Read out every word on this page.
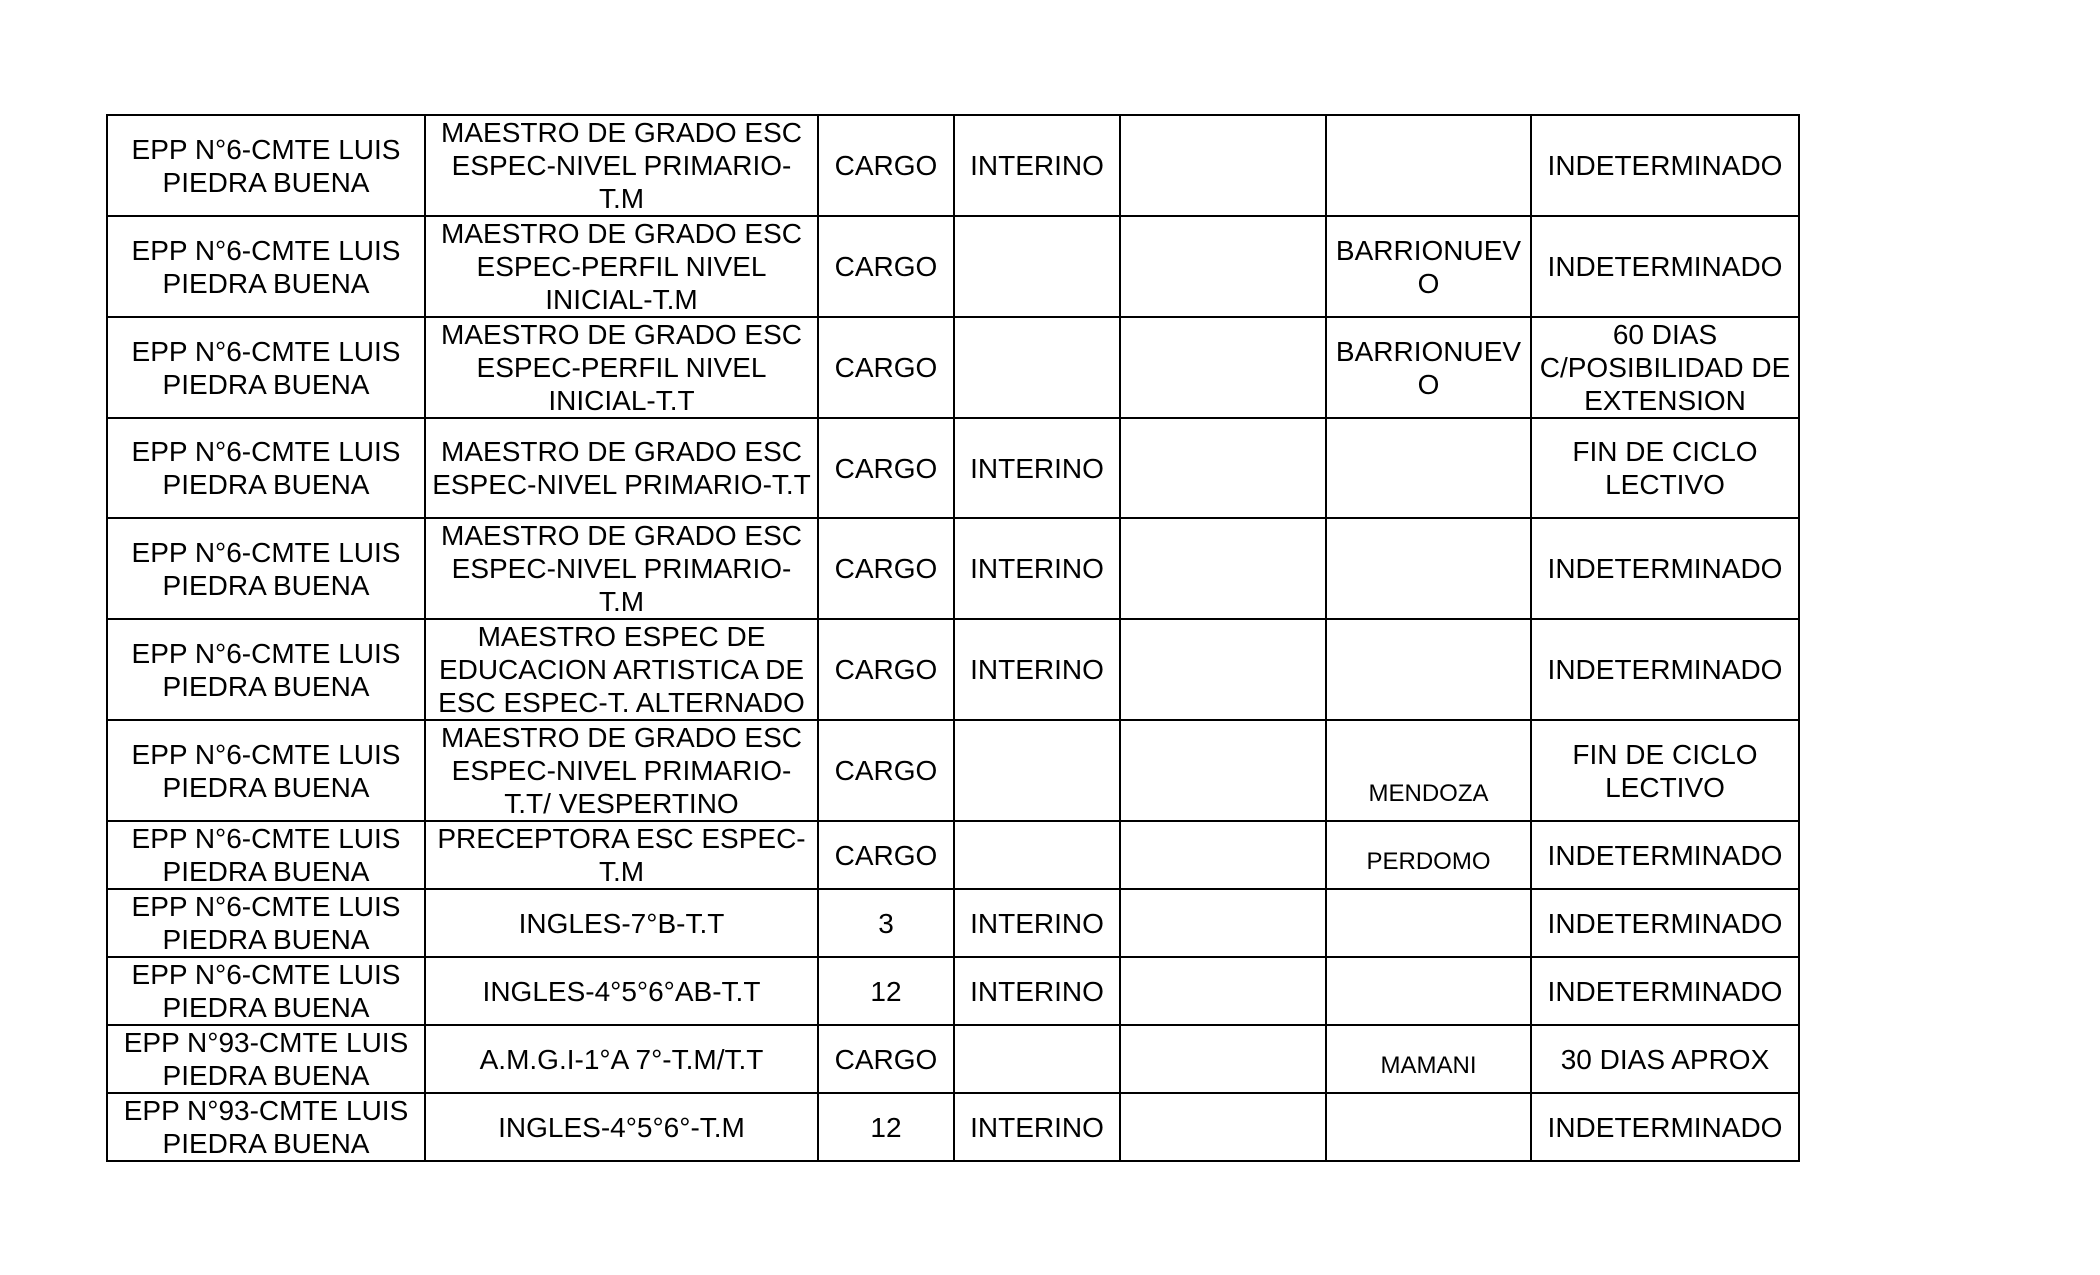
EPP N°6-CMTE LUIS PIEDRA BUENA	MAESTRO DE GRADO ESC ESPEC-NIVEL PRIMARIO-T.M	CARGO	INTERINO			INDETERMINADO
EPP N°6-CMTE LUIS PIEDRA BUENA	MAESTRO DE GRADO ESC ESPEC-PERFIL NIVEL INICIAL-T.M	CARGO			BARRIONUEV O	INDETERMINADO
EPP N°6-CMTE LUIS PIEDRA BUENA	MAESTRO DE GRADO ESC ESPEC-PERFIL NIVEL INICIAL-T.T	CARGO			BARRIONUEV O	60 DIAS C/POSIBILIDAD DE EXTENSION
EPP N°6-CMTE LUIS PIEDRA BUENA	MAESTRO DE GRADO ESC ESPEC-NIVEL PRIMARIO-T.T	CARGO	INTERINO			FIN DE CICLO LECTIVO
EPP N°6-CMTE LUIS PIEDRA BUENA	MAESTRO DE GRADO ESC ESPEC-NIVEL PRIMARIO-T.M	CARGO	INTERINO			INDETERMINADO
EPP N°6-CMTE LUIS PIEDRA BUENA	MAESTRO ESPEC DE EDUCACION ARTISTICA DE ESC ESPEC-T. ALTERNADO	CARGO	INTERINO			INDETERMINADO
EPP N°6-CMTE LUIS PIEDRA BUENA	MAESTRO DE GRADO ESC ESPEC-NIVEL PRIMARIO-T.T/ VESPERTINO	CARGO			MENDOZA	FIN DE CICLO LECTIVO
EPP N°6-CMTE LUIS PIEDRA BUENA	PRECEPTORA ESC ESPEC-T.M	CARGO			PERDOMO	INDETERMINADO
EPP N°6-CMTE LUIS PIEDRA BUENA	INGLES-7°B-T.T	3	INTERINO			INDETERMINADO
EPP N°6-CMTE LUIS PIEDRA BUENA	INGLES-4°5°6°AB-T.T	12	INTERINO			INDETERMINADO
EPP N°93-CMTE LUIS PIEDRA BUENA	A.M.G.I-1°A 7°-T.M/T.T	CARGO			MAMANI	30 DIAS APROX
EPP N°93-CMTE LUIS PIEDRA BUENA	INGLES-4°5°6°-T.M	12	INTERINO			INDETERMINADO
